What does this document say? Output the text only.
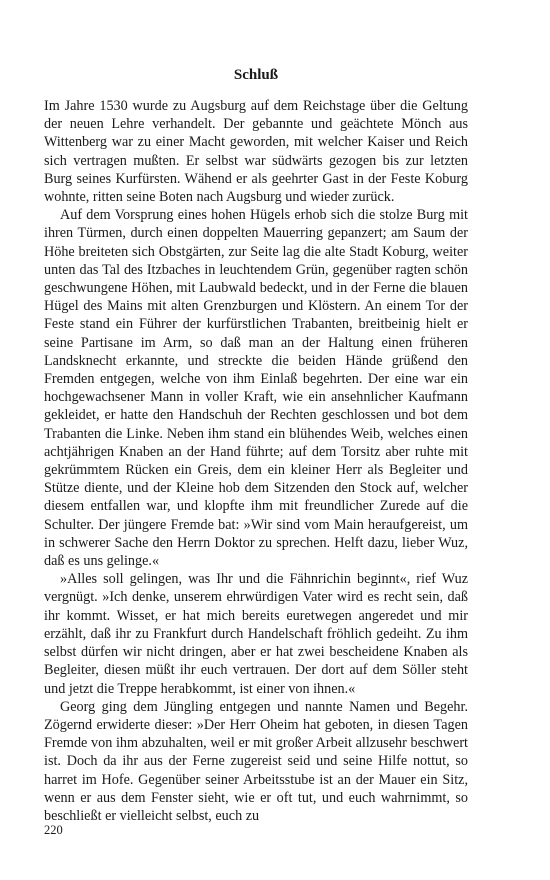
Schluß

Im Jahre 1530 wurde zu Augsburg auf dem Reichstage über die Geltung der neuen Lehre verhandelt. Der gebannte und geächtete Mönch aus Wittenberg war zu einer Macht geworden, mit welcher Kaiser und Reich sich vertragen mußten. Er selbst war südwärts gezogen bis zur letzten Burg seines Kurfürsten. Wähend er als geehrter Gast in der Feste Koburg wohnte, ritten seine Boten nach Augsburg und wieder zurück.

Auf dem Vorsprung eines hohen Hügels erhob sich die stolze Burg mit ihren Türmen, durch einen doppelten Mauerring gepanzert; am Saum der Höhe breiteten sich Obstgärten, zur Seite lag die alte Stadt Koburg, weiter unten das Tal des Itzbaches in leuchtendem Grün, gegenüber ragten schön geschwungene Höhen, mit Laubwald bedeckt, und in der Ferne die blauen Hügel des Mains mit alten Grenzburgen und Klöstern. An einem Tor der Feste stand ein Führer der kurfürstlichen Trabanten, breitbeinig hielt er seine Partisane im Arm, so daß man an der Haltung einen früheren Landsknecht erkannte, und streckte die beiden Hände grüßend den Fremden entgegen, welche von ihm Einlaß begehrten. Der eine war ein hochgewachsener Mann in voller Kraft, wie ein ansehnlicher Kaufmann gekleidet, er hatte den Handschuh der Rechten geschlossen und bot dem Trabanten die Linke. Neben ihm stand ein blühendes Weib, welches einen achtjährigen Knaben an der Hand führte; auf dem Torsitz aber ruhte mit gekrümmtem Rücken ein Greis, dem ein kleiner Herr als Begleiter und Stütze diente, und der Kleine hob dem Sitzenden den Stock auf, welcher diesem entfallen war, und klopfte ihm mit freundlicher Zurede auf die Schulter. Der jüngere Fremde bat: »Wir sind vom Main heraufgereist, um in schwerer Sache den Herrn Doktor zu sprechen. Helft dazu, lieber Wuz, daß es uns gelinge.«

»Alles soll gelingen, was Ihr und die Fähnrichin beginnt«, rief Wuz vergnügt. »Ich denke, unserem ehrwürdigen Vater wird es recht sein, daß ihr kommt. Wisset, er hat mich bereits euretwegen angeredet und mir erzählt, daß ihr zu Frankfurt durch Handelschaft fröhlich gedeiht. Zu ihm selbst dürfen wir nicht dringen, aber er hat zwei bescheidene Knaben als Begleiter, diesen müßt ihr euch vertrauen. Der dort auf dem Söller steht und jetzt die Treppe herabkommt, ist einer von ihnen.«

Georg ging dem Jüngling entgegen und nannte Namen und Begehr. Zögernd erwiderte dieser: »Der Herr Oheim hat geboten, in diesen Tagen Fremde von ihm abzuhalten, weil er mit großer Arbeit allzusehr beschwert ist. Doch da ihr aus der Ferne zugereist seid und seine Hilfe nottut, so harret im Hofe. Gegenüber seiner Arbeitsstube ist an der Mauer ein Sitz, wenn er aus dem Fenster sieht, wie er oft tut, und euch wahrnimmt, so beschließt er vielleicht selbst, euch zu

220
